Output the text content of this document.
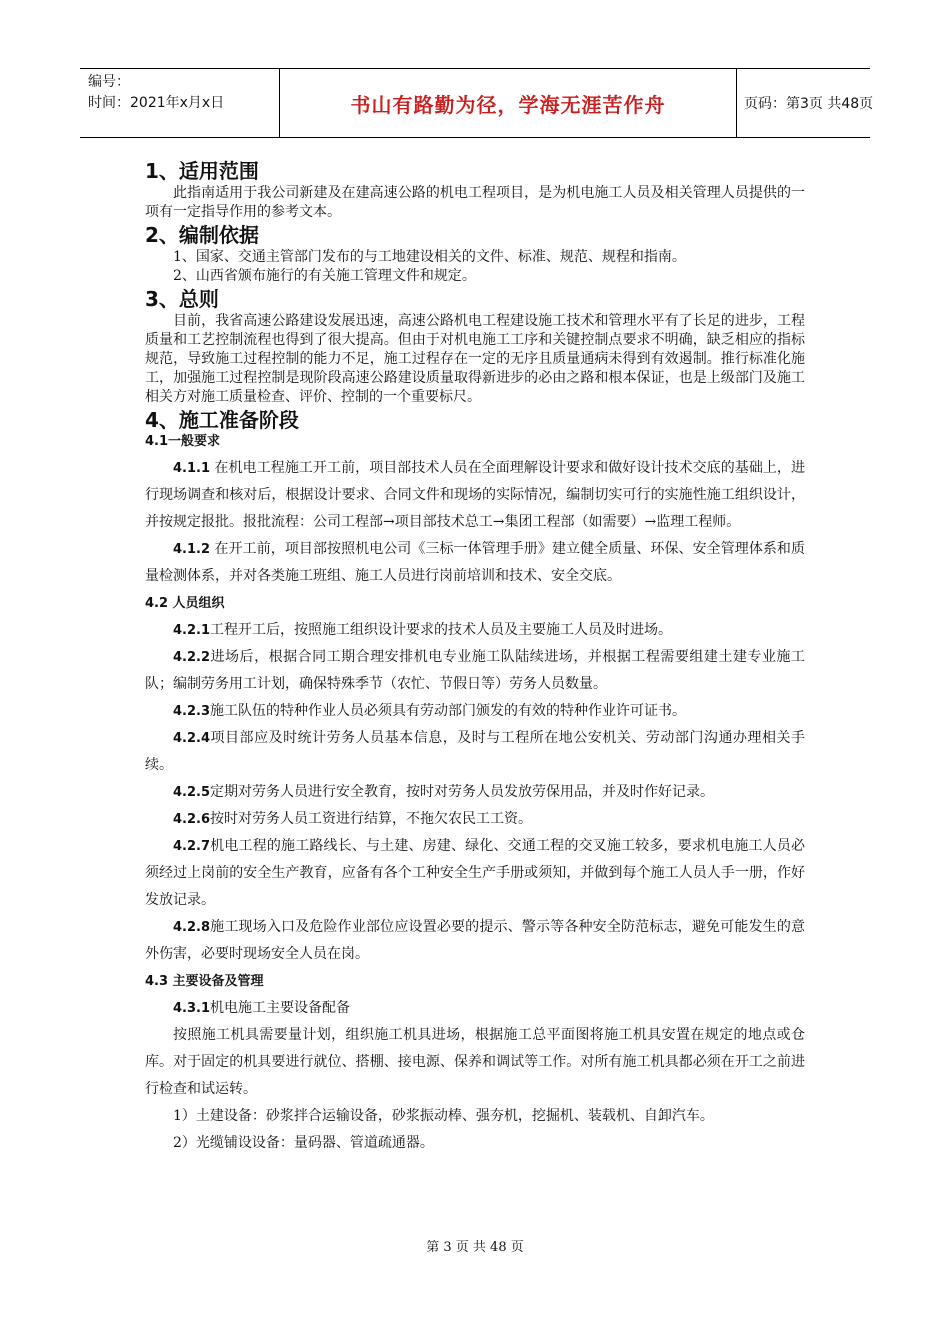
编号：
时间：2021年x月x日	书山有路勤为径，学海无涯苦作舟	页码：第3页 共48页
1、适用范围

此指南适用于我公司新建及在建高速公路的机电工程项目，是为机电施工人员及相关管理人员提供的一项有一定指导作用的参考文本。

2、编制依据

1、国家、交通主管部门发布的与工地建设相关的文件、标准、规范、规程和指南。

2、山西省颁布施行的有关施工管理文件和规定。

3、总则

目前，我省高速公路建设发展迅速，高速公路机电工程建设施工技术和管理水平有了长足的进步，工程质量和工艺控制流程也得到了很大提高。但由于对机电施工工序和关键控制点要求不明确，缺乏相应的指标规范，导致施工过程控制的能力不足，施工过程存在一定的无序且质量通病未得到有效遏制。推行标准化施工，加强施工过程控制是现阶段高速公路建设质量取得新进步的必由之路和根本保证，也是上级部门及施工相关方对施工质量检查、评价、控制的一个重要标尺。

4、施工准备阶段

4.1一般要求

4.1.1 在机电工程施工开工前，项目部技术人员在全面理解设计要求和做好设计技术交底的基础上，进行现场调查和核对后，根据设计要求、合同文件和现场的实际情况，编制切实可行的实施性施工组织设计，并按规定报批。报批流程：公司工程部→项目部技术总工→集团工程部（如需要）→监理工程师。

4.1.2 在开工前，项目部按照机电公司《三标一体管理手册》建立健全质量、环保、安全管理体系和质量检测体系，并对各类施工班组、施工人员进行岗前培训和技术、安全交底。

4.2 人员组织

4.2.1工程开工后，按照施工组织设计要求的技术人员及主要施工人员及时进场。

4.2.2进场后，根据合同工期合理安排机电专业施工队陆续进场，并根据工程需要组建土建专业施工队；编制劳务用工计划，确保特殊季节（农忙、节假日等）劳务人员数量。

4.2.3施工队伍的特种作业人员必须具有劳动部门颁发的有效的特种作业许可证书。

4.2.4项目部应及时统计劳务人员基本信息，及时与工程所在地公安机关、劳动部门沟通办理相关手续。

4.2.5定期对劳务人员进行安全教育，按时对劳务人员发放劳保用品，并及时作好记录。

4.2.6按时对劳务人员工资进行结算，不拖欠农民工工资。

4.2.7机电工程的施工路线长、与土建、房建、绿化、交通工程的交叉施工较多，要求机电施工人员必须经过上岗前的安全生产教育，应备有各个工种安全生产手册或须知，并做到每个施工人员人手一册，作好发放记录。

4.2.8施工现场入口及危险作业部位应设置必要的提示、警示等各种安全防范标志，避免可能发生的意外伤害，必要时现场安全人员在岗。

4.3 主要设备及管理

4.3.1机电施工主要设备配备

按照施工机具需要量计划，组织施工机具进场，根据施工总平面图将施工机具安置在规定的地点或仓库。对于固定的机具要进行就位、搭棚、接电源、保养和调试等工作。对所有施工机具都必须在开工之前进行检查和试运转。

1）土建设备：砂浆拌合运输设备，砂浆振动棒、强夯机，挖掘机、装载机、自卸汽车。

2）光缆铺设设备：量码器、管道疏通器。

第 3 页 共 48 页
